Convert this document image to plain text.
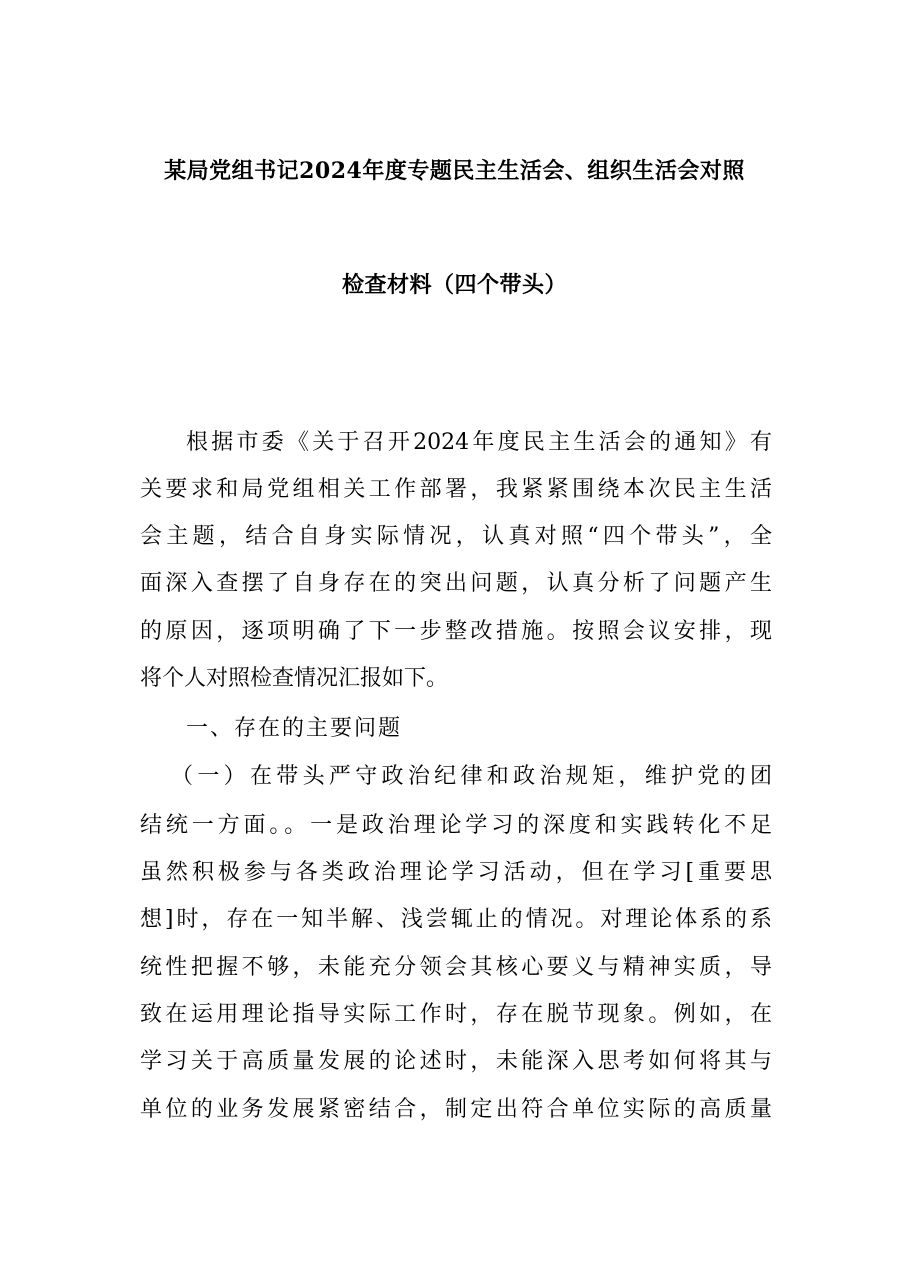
某局党组书记2024年度专题民主生活会、组织生活会对照
检查材料（四个带头）
根据市委《关于召开2024年度民主生活会的通知》有
关要求和局党组相关工作部署，我紧紧围绕本次民主生活
会主题，结合自身实际情况，认真对照“四个带头”，全
面深入查摆了自身存在的突出问题，认真分析了问题产生
的原因，逐项明确了下一步整改措施。按照会议安排，现
将个人对照检查情况汇报如下。
一、存在的主要问题
（一）在带头严守政治纪律和政治规矩，维护党的团
结统一方面。。一是政治理论学习的深度和实践转化不足
虽然积极参与各类政治理论学习活动，但在学习[重要思
想]时，存在一知半解、浅尝辄止的情况。对理论体系的系
统性把握不够，未能充分领会其核心要义与精神实质，导
致在运用理论指导实际工作时，存在脱节现象。例如，在
学习关于高质量发展的论述时，未能深入思考如何将其与
单位的业务发展紧密结合，制定出符合单位实际的高质量
